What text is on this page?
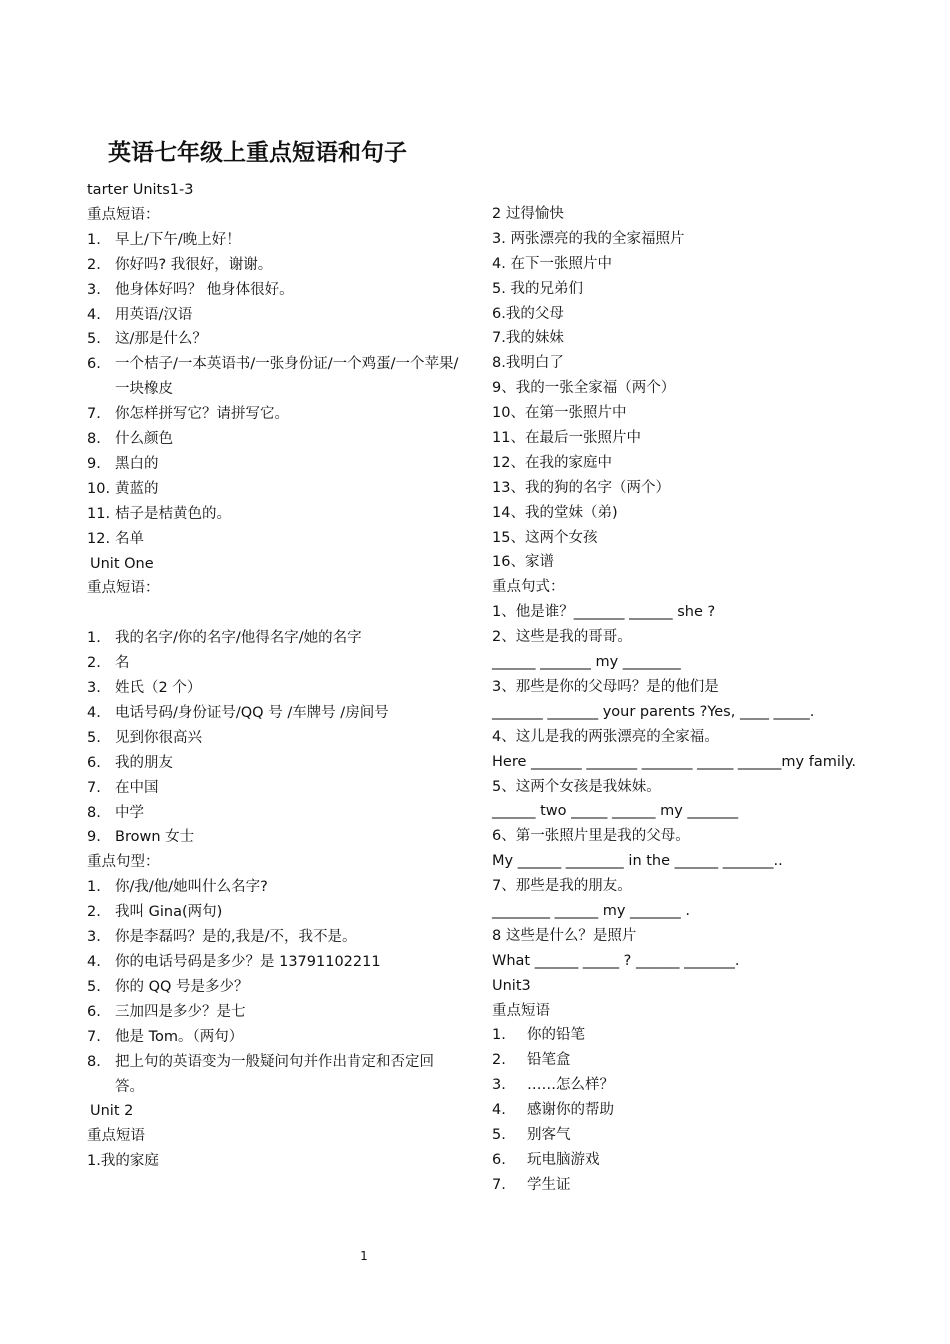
英语七年级上重点短语和句子
tarter Units1-3
重点短语：
1. 早上/下午/晚上好！
2. 你好吗? 我很好，谢谢。
3. 他身体好吗？ 他身体很好。
4. 用英语/汉语
5. 这/那是什么？
6. 一个桔子/一本英语书/一张身份证/一个鸡蛋/一个苹果/一块橡皮
7. 你怎样拼写它？请拼写它。
8. 什么颜色
9. 黑白的
10. 黄蓝的
11. 桔子是桔黄色的。
12. 名单
Unit One
重点短语：
1. 我的名字/你的名字/他得名字/她的名字
2. 名
3. 姓氏（2 个）
4. 电话号码/身份证号/QQ 号 /车牌号 /房间号
5. 见到你很高兴
6. 我的朋友
7. 在中国
8. 中学
9. Brown 女士
重点句型：
1. 你/我/他/她叫什么名字?
2. 我叫 Gina(两句)
3. 你是李磊吗？是的,我是/不，我不是。
4. 你的电话号码是多少？是 13791102211
5. 你的 QQ 号是多少？
6. 三加四是多少？是七
7. 他是 Tom。（两句）
8. 把上句的英语变为一般疑问句并作出肯定和否定回答。
Unit 2
重点短语
1.我的家庭
2 过得愉快
3. 两张漂亮的我的全家福照片
4. 在下一张照片中
5. 我的兄弟们
6.我的父母
7.我的妹妹
8.我明白了
9、我的一张全家福（两个）
10、在第一张照片中
11、在最后一张照片中
12、在我的家庭中
13、我的狗的名字（两个）
14、我的堂妹（弟)
15、这两个女孩
16、家谱
重点句式：
1、他是谁？_______ ______ she ?
2、这些是我的哥哥。
______ _______ my ________
3、那些是你的父母吗？是的他们是
_______ _______ your parents ?Yes, ____ _____.
4、这儿是我的两张漂亮的全家福。
Here _______ _______ _______ _____ ______my family.
5、这两个女孩是我妹妹。
______ two _____ ______ my _______
6、第一张照片里是我的父母。
My ______ ________ in the ______ _______..
7、那些是我的朋友。
________ ______ my _______ .
8 这些是什么？是照片
What ______ _____ ? ______ _______.
Unit3
重点短语
1. 你的铅笔
2. 铅笔盒
3. ……怎么样？
4. 感谢你的帮助
5. 别客气
6. 玩电脑游戏
7. 学生证
1
